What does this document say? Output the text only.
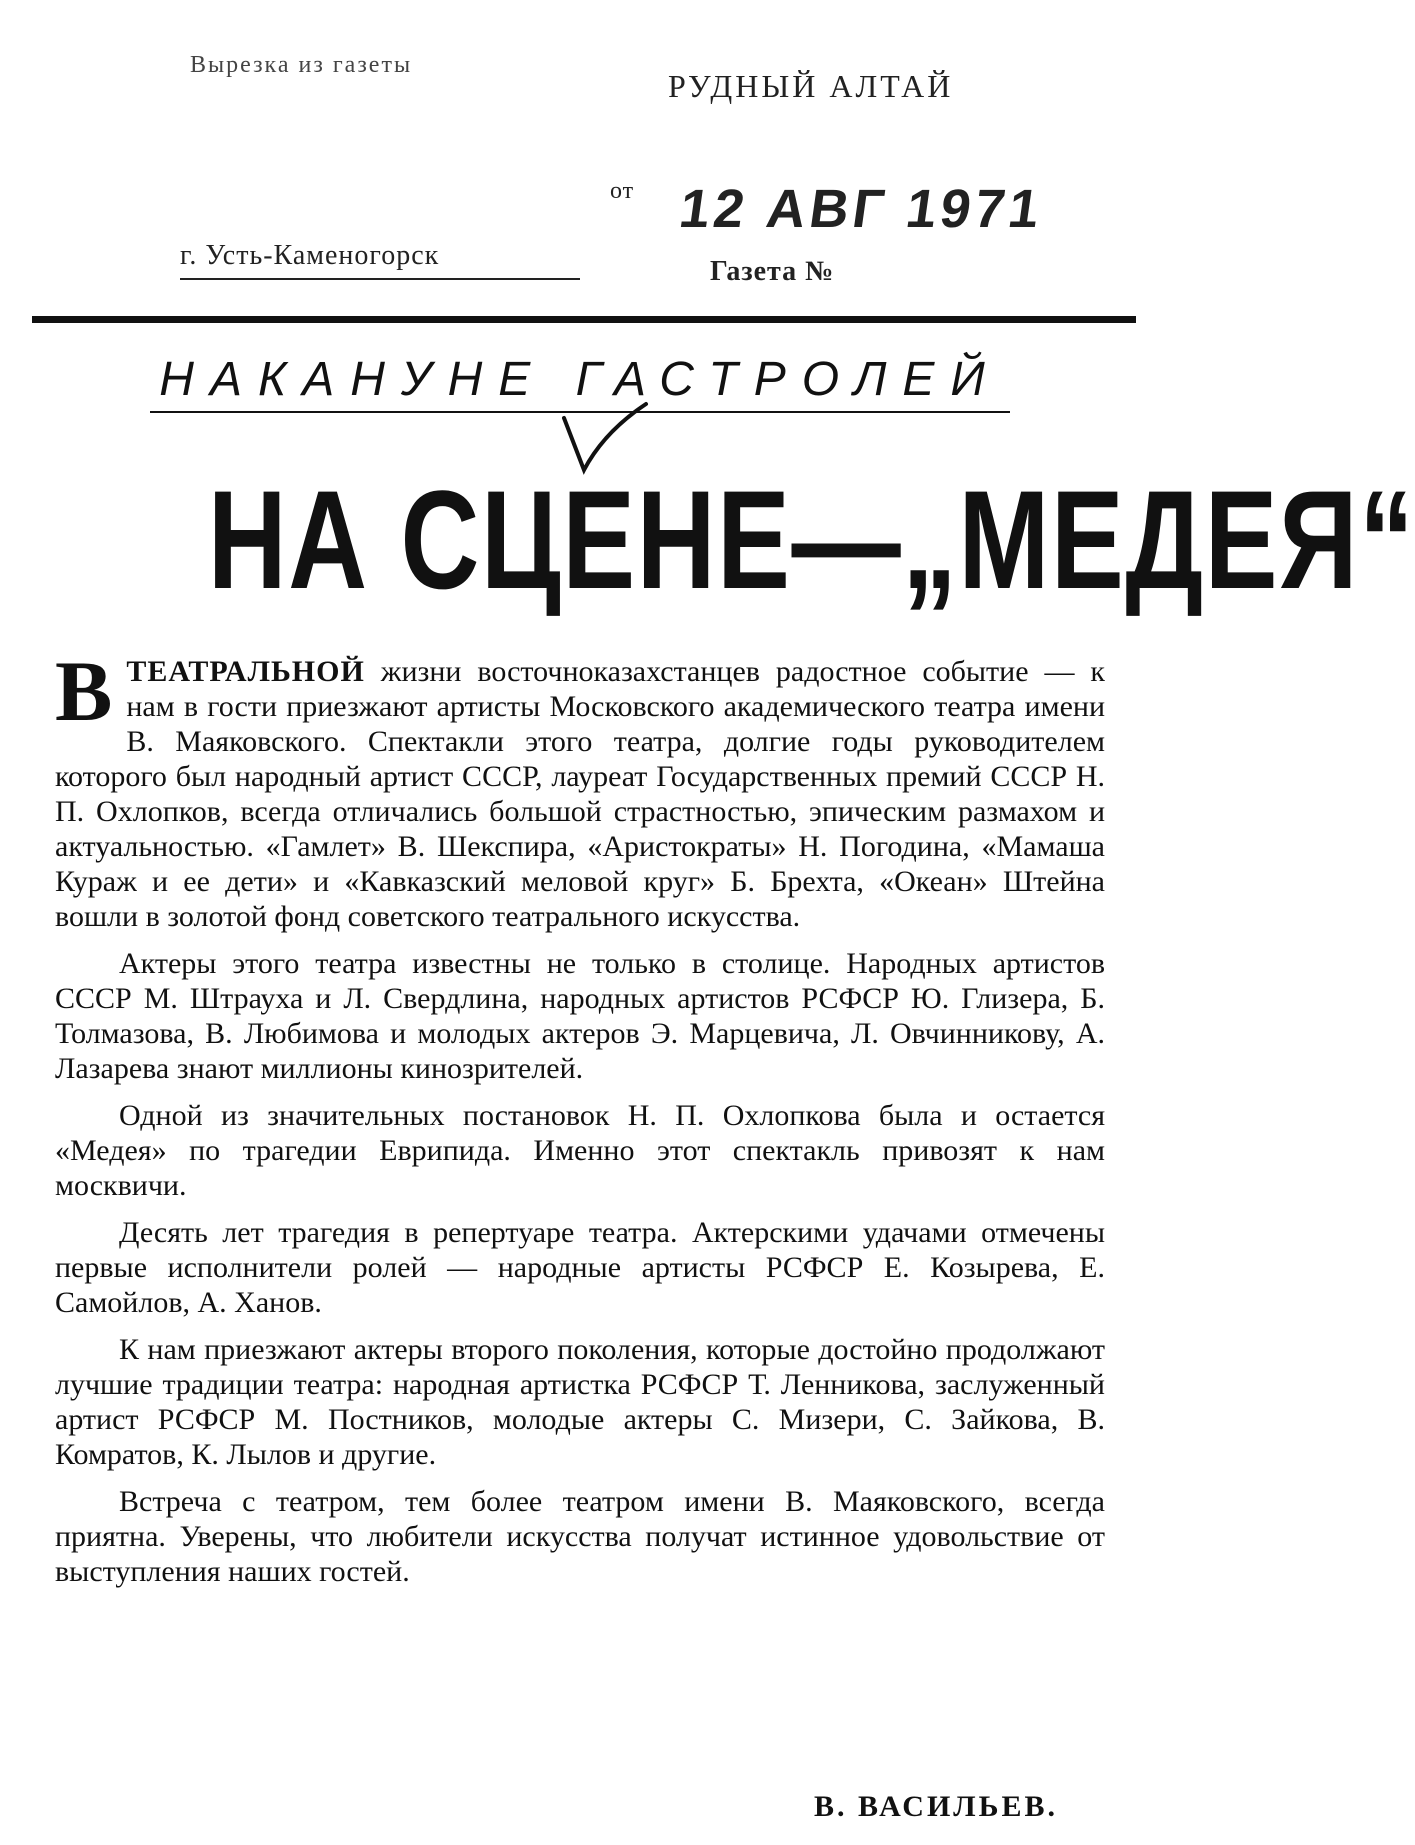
Вырезка из газеты
РУДНЫЙ АЛТАЙ
от 12 АВГ 1971
г. Усть-Каменогорск
Газета №
НАКАНУНЕ ГАСТРОЛЕЙ
НА СЦЕНЕ—„МЕДЕЯ“

ВТЕАТРАЛЬНОЙ жизни восточноказахстанцев радостное событие — к нам в гости приезжают артисты Московского академического театра имени В. Маяковского. Спектакли этого театра, долгие годы руководителем которого был народный артист СССР, лауреат Государственных премий СССР Н. П. Охлопков, всегда отличались большой страстностью, эпическим размахом и актуальностью. «Гамлет» В. Шекспира, «Аристократы» Н. Погодина, «Мамаша Кураж и ее дети» и «Кавказский меловой круг» Б. Брехта, «Океан» Штейна вошли в золотой фонд советского театрального искусства.

Актеры этого театра известны не только в столице. Народных артистов СССР М. Штрауха и Л. Свердлина, народных артистов РСФСР Ю. Глизера, Б. Толмазова, В. Любимова и молодых актеров Э. Марцевича, Л. Овчинникову, А. Лазарева знают миллионы кинозрителей.

Одной из значительных постановок Н. П. Охлопкова была и остается «Медея» по трагедии Еврипида. Именно этот спектакль привозят к нам москвичи.

Десять лет трагедия в репертуаре театра. Актерскими удачами отмечены первые исполнители ролей — народные артисты РСФСР Е. Козырева, Е. Самойлов, А. Ханов.

К нам приезжают актеры второго поколения, которые достойно продолжают лучшие традиции театра: народная артистка РСФСР Т. Ленникова, заслуженный артист РСФСР М. Постников, молодые актеры С. Мизери, С. Зайкова, В. Комратов, К. Лылов и другие.

Встреча с театром, тем более театром имени В. Маяковского, всегда приятна. Уверены, что любители искусства получат истинное удовольствие от выступления наших гостей.

В. ВАСИЛЬЕВ.
